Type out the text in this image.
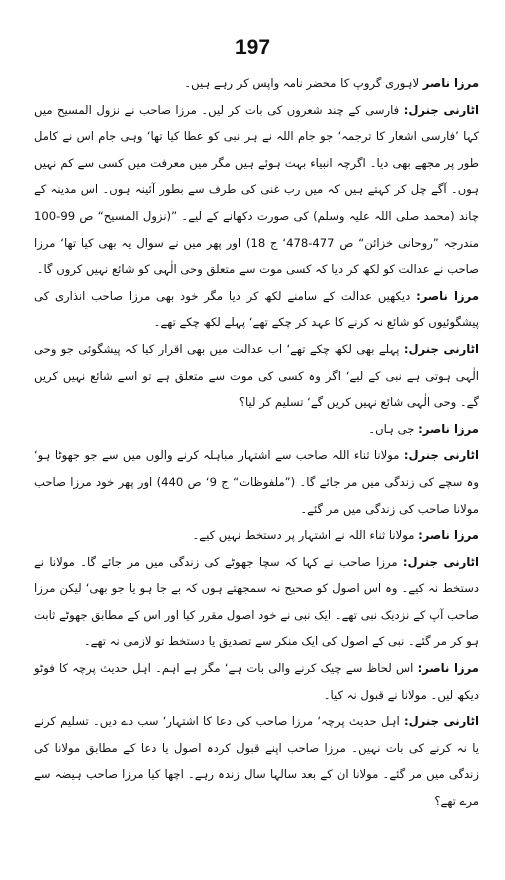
197

مرزا ناصر لاہوری گروپ کا محضر نامہ واپس کر رہے ہیں۔

اٹارنی جنرل: فارسی کے چند شعروں کی بات کر لیں۔ مرزا صاحب نے نزول المسیح میں کہا ’فارسی اشعار کا ترجمہ‘ جو جام اللہ نے ہر نبی کو عطا کیا تھا‘ وہی جام اس نے کامل طور پر مجھے بھی دیا۔ اگرچہ انبیاء بہت ہوئے ہیں مگر میں معرفت میں کسی سے کم نہیں ہوں۔ آگے چل کر کہتے ہیں کہ میں رب غنی کی طرف سے بطور آئینہ ہوں۔ اس مدینہ کے چاند (محمد صلی اللہ علیہ وسلم) کی صورت دکھانے کے لیے۔ ”(نزول المسیح“ ص 99-100 مندرجہ ”روحانی خزائن“ ص 477-478‘ ج 18) اور پھر میں نے سوال یہ بھی کیا تھا‘ مرزا صاحب نے عدالت کو لکھ کر دیا کہ کسی موت سے متعلق وحی الٰہی کو شائع نہیں کروں گا۔

مرزا ناصر: دیکھیں عدالت کے سامنے لکھ کر دیا مگر خود بھی مرزا صاحب انذاری کی پیشگوئیوں کو شائع نہ کرنے کا عہد کر چکے تھے‘ پہلے لکھ چکے تھے۔

اٹارنی جنرل: پہلے بھی لکھ چکے تھے‘ اب عدالت میں بھی اقرار کیا کہ پیشگوئی جو وحی الٰہی ہوتی ہے نبی کے لیے‘ اگر وہ کسی کی موت سے متعلق ہے تو اسے شائع نہیں کریں گے۔ وحی الٰہی شائع نہیں کریں گے‘ تسلیم کر لیا؟

مرزا ناصر: جی ہاں۔

اٹارنی جنرل: مولانا ثناء اللہ صاحب سے اشتہار مباہلہ کرنے والوں میں سے جو جھوٹا ہو‘ وہ سچے کی زندگی میں مر جائے گا۔ (”ملفوظات“ ج 9‘ ص 440) اور پھر خود مرزا صاحب مولانا صاحب کی زندگی میں مر گئے۔

مرزا ناصر: مولانا ثناء اللہ نے اشتہار پر دستخط نہیں کیے۔

اٹارنی جنرل: مرزا صاحب نے کہا کہ سچا جھوٹے کی زندگی میں مر جائے گا۔ مولانا نے دستخط نہ کیے۔ وہ اس اصول کو صحیح نہ سمجھتے ہوں کہ بے جا ہو یا جو بھی‘ لیکن مرزا صاحب آپ کے نزدیک نبی تھے۔ ایک نبی نے خود اصول مقرر کیا اور اس کے مطابق جھوٹے ثابت ہو کر مر گئے۔ نبی کے اصول کی ایک منکر سے تصدیق یا دستخط تو لازمی نہ تھے۔

مرزا ناصر: اس لحاظ سے چیک کرنے والی بات ہے‘ مگر ہے اہم۔ اہل حدیث پرچہ کا فوٹو دیکھ لیں۔ مولانا نے قبول نہ کیا۔

اٹارنی جنرل: اہل حدیث پرچہ‘ مرزا صاحب کی دعا کا اشتہار‘ سب دے دیں۔ تسلیم کرنے یا نہ کرنے کی بات نہیں۔ مرزا صاحب اپنے قبول کردہ اصول یا دعا کے مطابق مولانا کی زندگی میں مر گئے۔ مولانا ان کے بعد سالہا سال زندہ رہے۔ اچھا کیا مرزا صاحب ہیضہ سے مرے تھے؟
